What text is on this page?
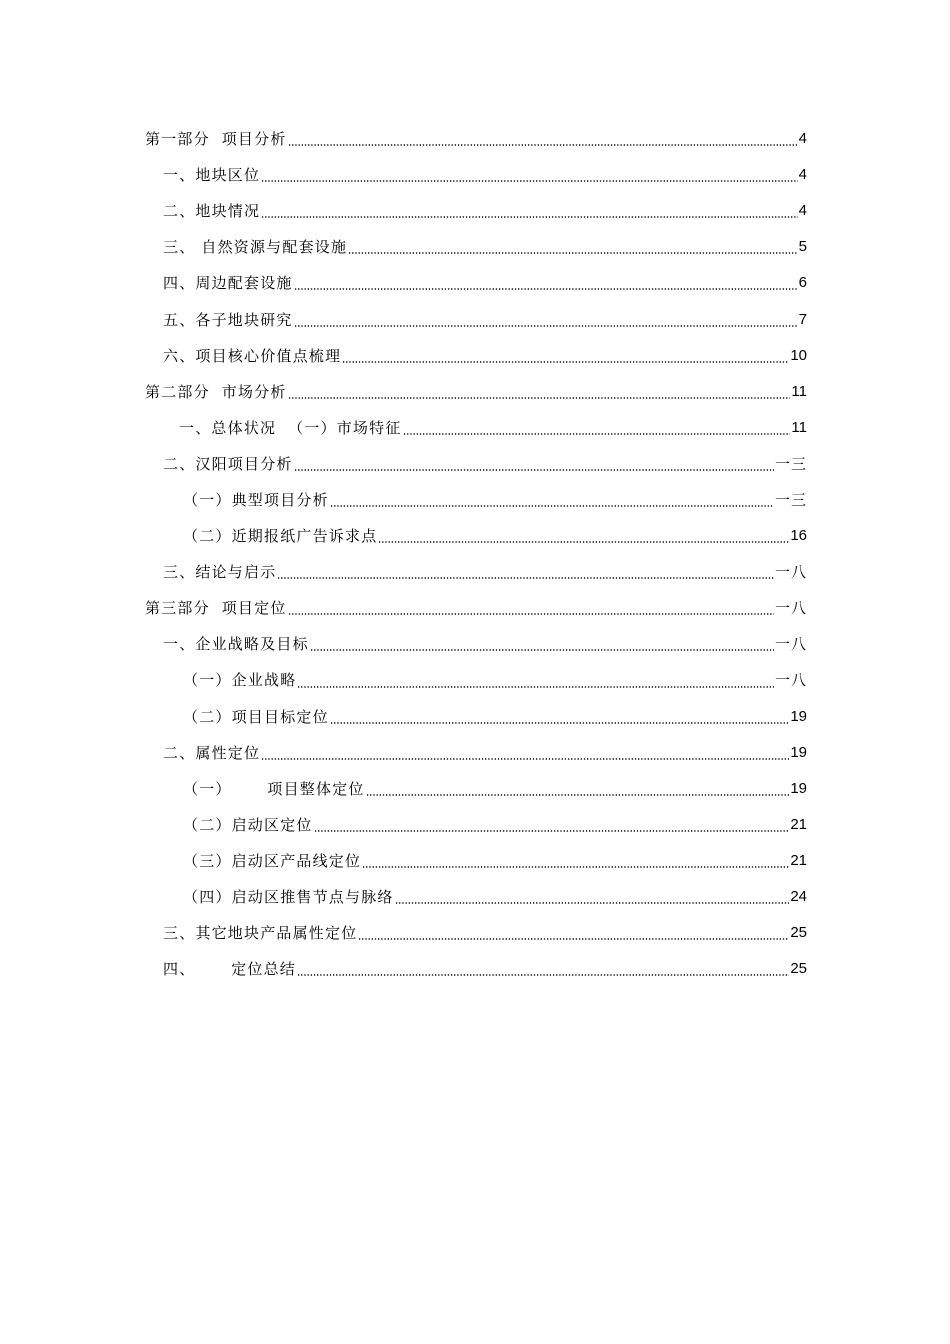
第一部分  项目分析	4
一、地块区位	4
二、地块情况	4
三、 自然资源与配套设施	5
四、周边配套设施	6
五、各子地块研究	7
六、项目核心价值点梳理	10
第二部分  市场分析	11
一、总体状况  （一）市场特征	11
二、汉阳项目分析	一三
（一）典型项目分析	一三
（二）近期报纸广告诉求点	16
三、结论与启示	一八
第三部分  项目定位	一八
一、企业战略及目标	一八
（一）企业战略	一八
（二）项目目标定位	19
二、属性定位	19
（一）      项目整体定位	19
（二）启动区定位	21
（三）启动区产品线定位	21
（四）启动区推售节点与脉络	24
三、其它地块产品属性定位	25
四、      定位总结	25
